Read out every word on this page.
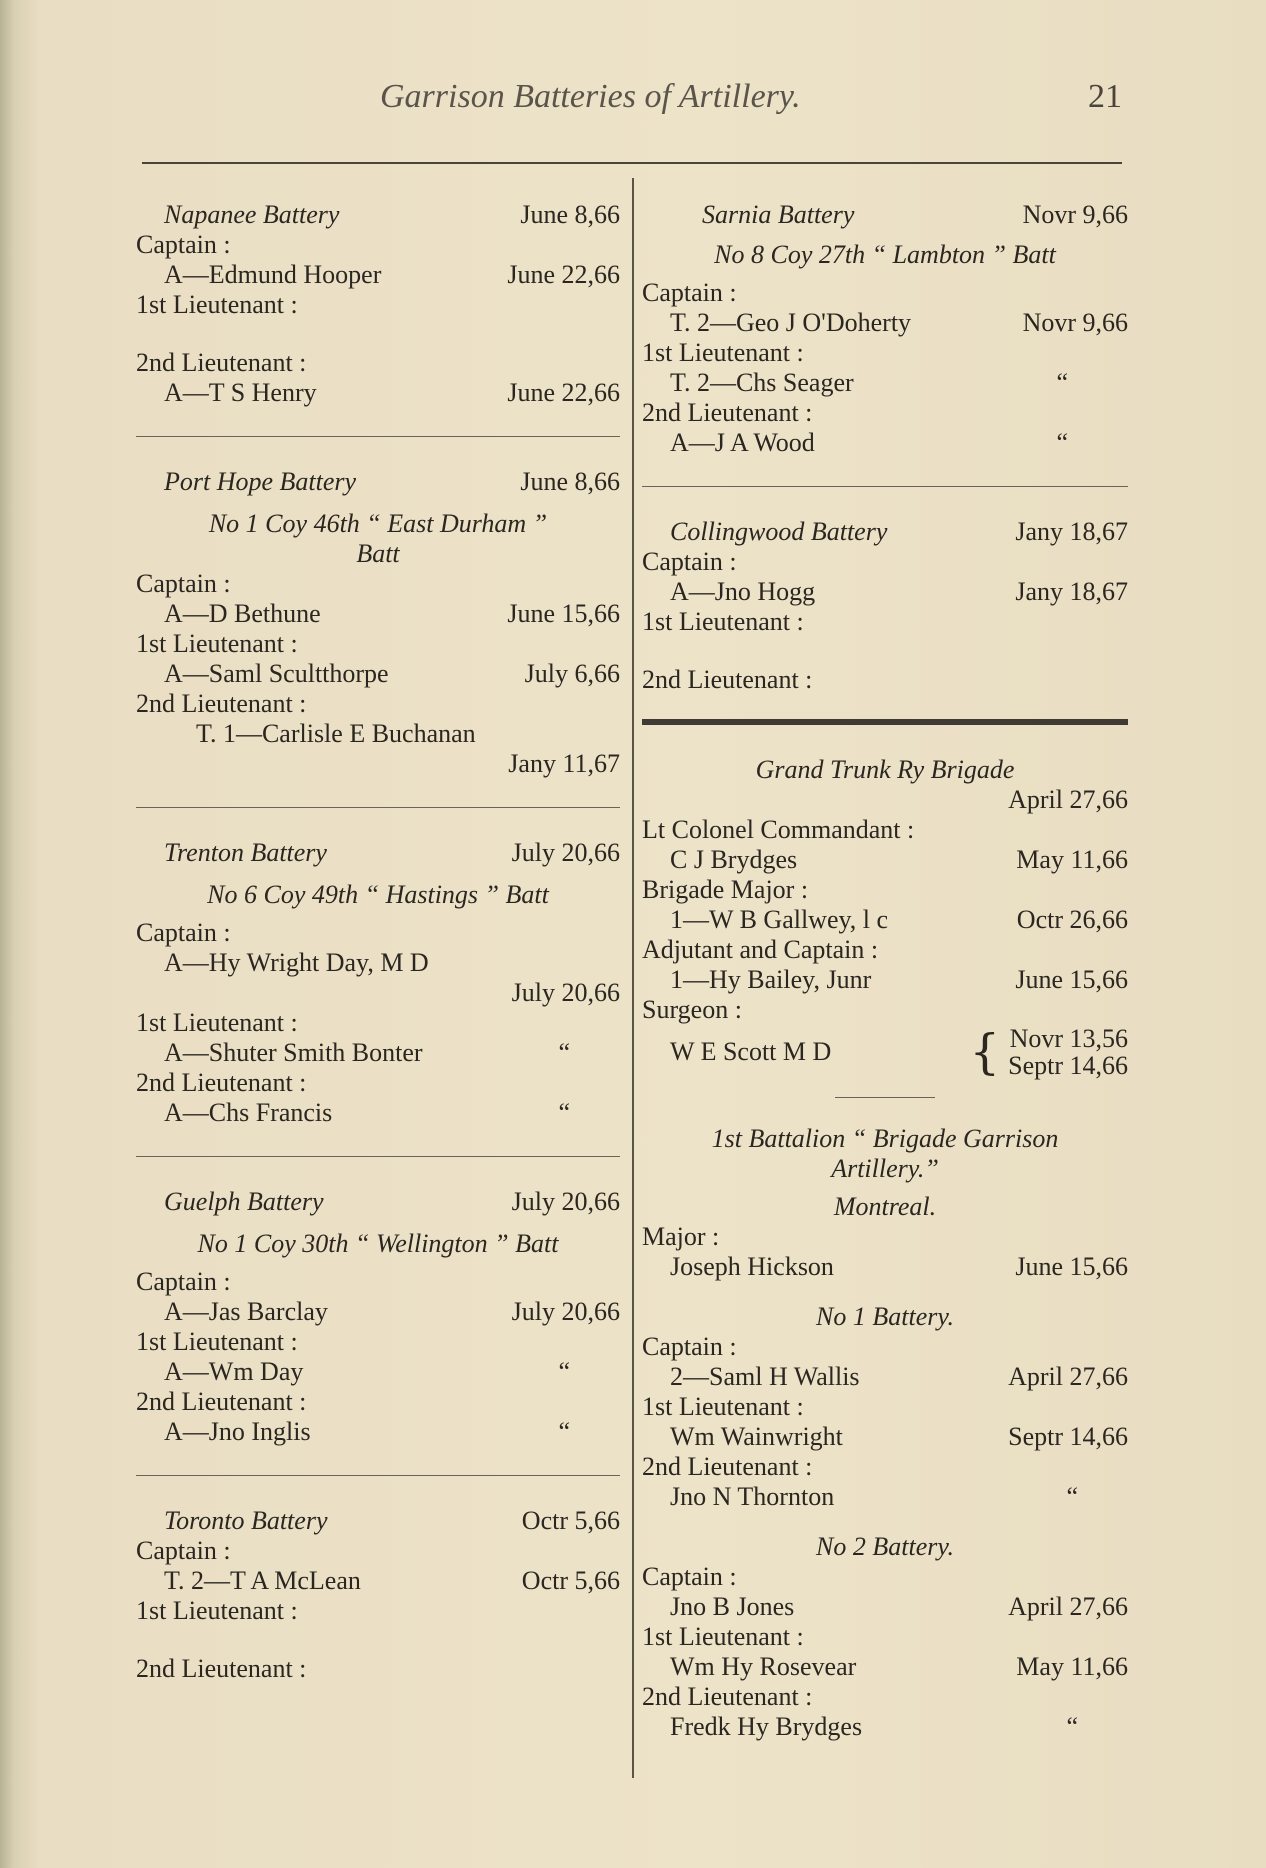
Garrison Batteries of Artillery.	21
Napanee Battery	June 8,66
Captain :
A—Edmund Hooper	June 22,66
1st Lieutenant :
2nd Lieutenant :
A—T S Henry	June 22,66
Port Hope Battery	June 8,66
No 1 Coy 46th “ East Durham ”
Batt
Captain :
A—D Bethune	June 15,66
1st Lieutenant :
A—Saml Scultthorpe	July 6,66
2nd Lieutenant :
T. 1—Carlisle E Buchanan
Jany 11,67
Trenton Battery	July 20,66
No 6 Coy 49th “ Hastings ” Batt
Captain :
A—Hy Wright Day, M D
July 20,66
1st Lieutenant :
A—Shuter Smith Bonter	“
2nd Lieutenant :
A—Chs Francis	“
Guelph Battery	July 20,66
No 1 Coy 30th “ Wellington ” Batt
Captain :
A—Jas Barclay	July 20,66
1st Lieutenant :
A—Wm Day	“
2nd Lieutenant :
A—Jno Inglis	“
Toronto Battery	Octr 5,66
Captain :
T. 2—T A McLean	Octr 5,66
1st Lieutenant :
2nd Lieutenant :
Sarnia Battery	Novr 9,66
No 8 Coy 27th “ Lambton ” Batt
Captain :
T. 2—Geo J O'Doherty	Novr 9,66
1st Lieutenant :
T. 2—Chs Seager	“
2nd Lieutenant :
A—J A Wood	“
Collingwood Battery	Jany 18,67
Captain :
A—Jno Hogg	Jany 18,67
1st Lieutenant :
2nd Lieutenant :
Grand Trunk Ry Brigade
April 27,66
Lt Colonel Commandant :
C J Brydges	May 11,66
Brigade Major :
1—W B Gallwey, l c	Octr 26,66
Adjutant and Captain :
1—Hy Bailey, Junr	June 15,66
Surgeon :
W E Scott M D	{ Novr 13,56
Septr 14,66
1st Battalion “ Brigade Garrison
Artillery.”
Montreal.
Major :
Joseph Hickson	June 15,66
No 1 Battery.
Captain :
2—Saml H Wallis	April 27,66
1st Lieutenant :
Wm Wainwright	Septr 14,66
2nd Lieutenant :
Jno N Thornton	“
No 2 Battery.
Captain :
Jno B Jones	April 27,66
1st Lieutenant :
Wm Hy Rosevear	May 11,66
2nd Lieutenant :
Fredk Hy Brydges	“
